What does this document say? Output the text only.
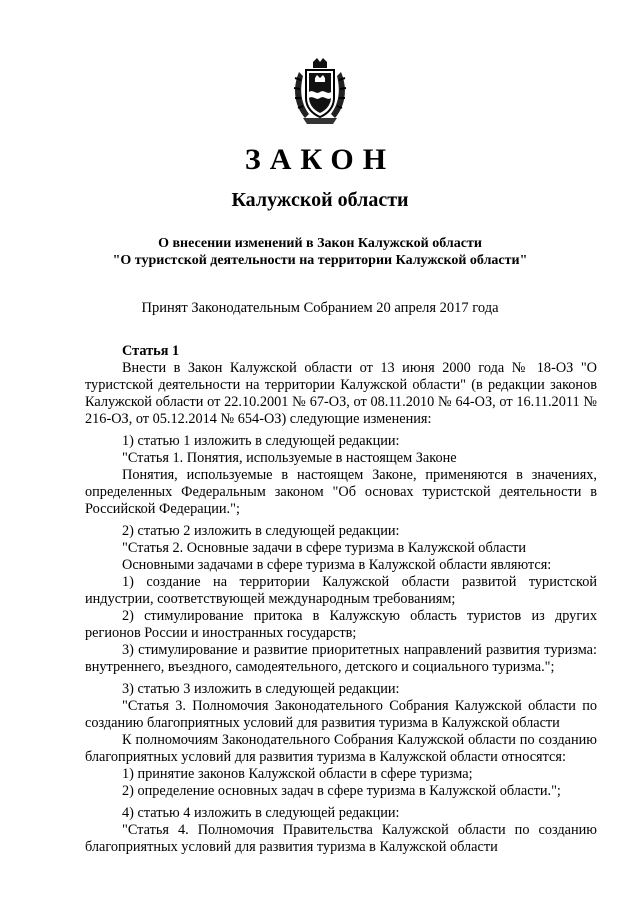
ЗАКОН
Калужской области
О внесении изменений в Закон Калужской области
"О туристской деятельности на территории Калужской области"
Принят Законодательным Собранием 20 апреля 2017 года

Статья 1

Внести в Закон Калужской области от 13 июня 2000 года № 18-ОЗ "О туристской деятельности на территории Калужской области" (в редакции законов Калужской области от 22.10.2001 № 67-ОЗ, от 08.11.2010 № 64-ОЗ, от 16.11.2011 № 216-ОЗ, от 05.12.2014 № 654-ОЗ) следующие изменения:

1) статью 1 изложить в следующей редакции:

"Статья 1. Понятия, используемые в настоящем Законе

Понятия, используемые в настоящем Законе, применяются в значениях, определенных Федеральным законом "Об основах туристской деятельности в Российской Федерации.";

2) статью 2 изложить в следующей редакции:

"Статья 2. Основные задачи в сфере туризма в Калужской области

Основными задачами в сфере туризма в Калужской области являются:

1) создание на территории Калужской области развитой туристской индустрии, соответствующей международным требованиям;

2) стимулирование притока в Калужскую область туристов из других регионов России и иностранных государств;

3) стимулирование и развитие приоритетных направлений развития туризма: внутреннего, въездного, самодеятельного, детского и социального туризма.";

3) статью 3 изложить в следующей редакции:

"Статья 3. Полномочия Законодательного Собрания Калужской области по созданию благоприятных условий для развития туризма в Калужской области

К полномочиям Законодательного Собрания Калужской области по созданию благоприятных условий для развития туризма в Калужской области относятся:

1) принятие законов Калужской области в сфере туризма;

2) определение основных задач в сфере туризма в Калужской области.";

4) статью 4 изложить в следующей редакции:

"Статья 4. Полномочия Правительства Калужской области по созданию благоприятных условий для развития туризма в Калужской области
